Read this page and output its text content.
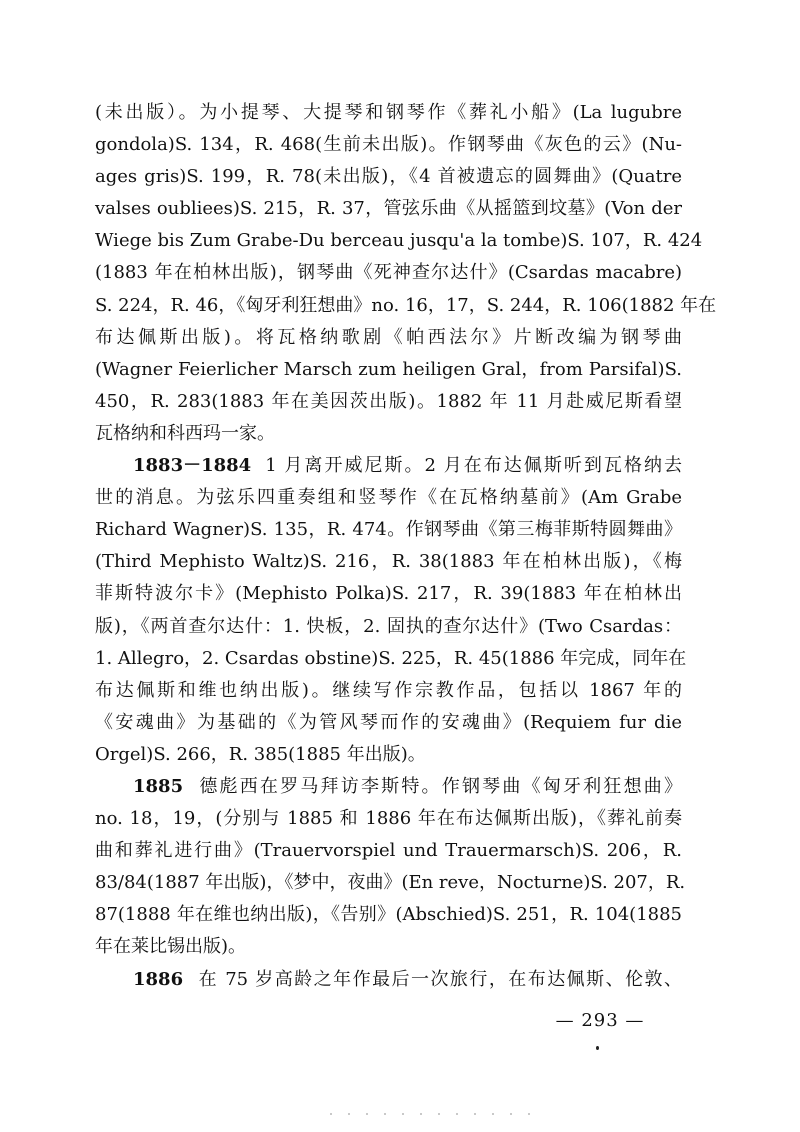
(未出版）。为小提琴、大提琴和钢琴作《葬礼小船》(La lugubre
gondola)S. 134，R. 468(生前未出版)。作钢琴曲《灰色的云》(Nu-
ages gris)S. 199，R. 78(未出版)，《4 首被遗忘的圆舞曲》(Quatre
valses oubliees)S. 215，R. 37，管弦乐曲《从摇篮到坟墓》(Von der
Wiege bis Zum Grabe-Du berceau jusqu'a la tombe)S. 107，R. 424
(1883 年在柏林出版)，钢琴曲《死神查尔达什》(Csardas macabre)
S. 224，R. 46，《匈牙利狂想曲》no. 16，17，S. 244，R. 106(1882 年在
布达佩斯出版)。将瓦格纳歌剧《帕西法尔》片断改编为钢琴曲
(Wagner Feierlicher Marsch zum heiligen Gral，from Parsifal)S.
450，R. 283(1883 年在美因茨出版)。1882 年 11 月赴威尼斯看望
瓦格纳和科西玛一家。
1883－1884 1 月离开威尼斯。2 月在布达佩斯听到瓦格纳去
世的消息。为弦乐四重奏组和竖琴作《在瓦格纳墓前》(Am Grabe
Richard Wagner)S. 135，R. 474。作钢琴曲《第三梅菲斯特圆舞曲》
(Third Mephisto Waltz)S. 216，R. 38(1883 年在柏林出版)，《梅
菲斯特波尔卡》(Mephisto Polka)S. 217，R. 39(1883 年在柏林出
版)，《两首查尔达什：1. 快板，2. 固执的查尔达什》(Two Csardas：
1. Allegro，2. Csardas obstine)S. 225，R. 45(1886 年完成，同年在
布达佩斯和维也纳出版)。继续写作宗教作品，包括以 1867 年的
《安魂曲》为基础的《为管风琴而作的安魂曲》(Requiem fur die
Orgel)S. 266，R. 385(1885 年出版)。
1885 德彪西在罗马拜访李斯特。作钢琴曲《匈牙利狂想曲》
no. 18，19，(分别与 1885 和 1886 年在布达佩斯出版)，《葬礼前奏
曲和葬礼进行曲》(Trauervorspiel und Trauermarsch)S. 206，R.
83/84(1887 年出版)，《梦中，夜曲》(En reve，Nocturne)S. 207，R.
87(1888 年在维也纳出版)，《告别》(Abschied)S. 251，R. 104(1885
年在莱比锡出版)。
1886 在 75 岁高龄之年作最后一次旅行，在布达佩斯、伦敦、
— 293 —
